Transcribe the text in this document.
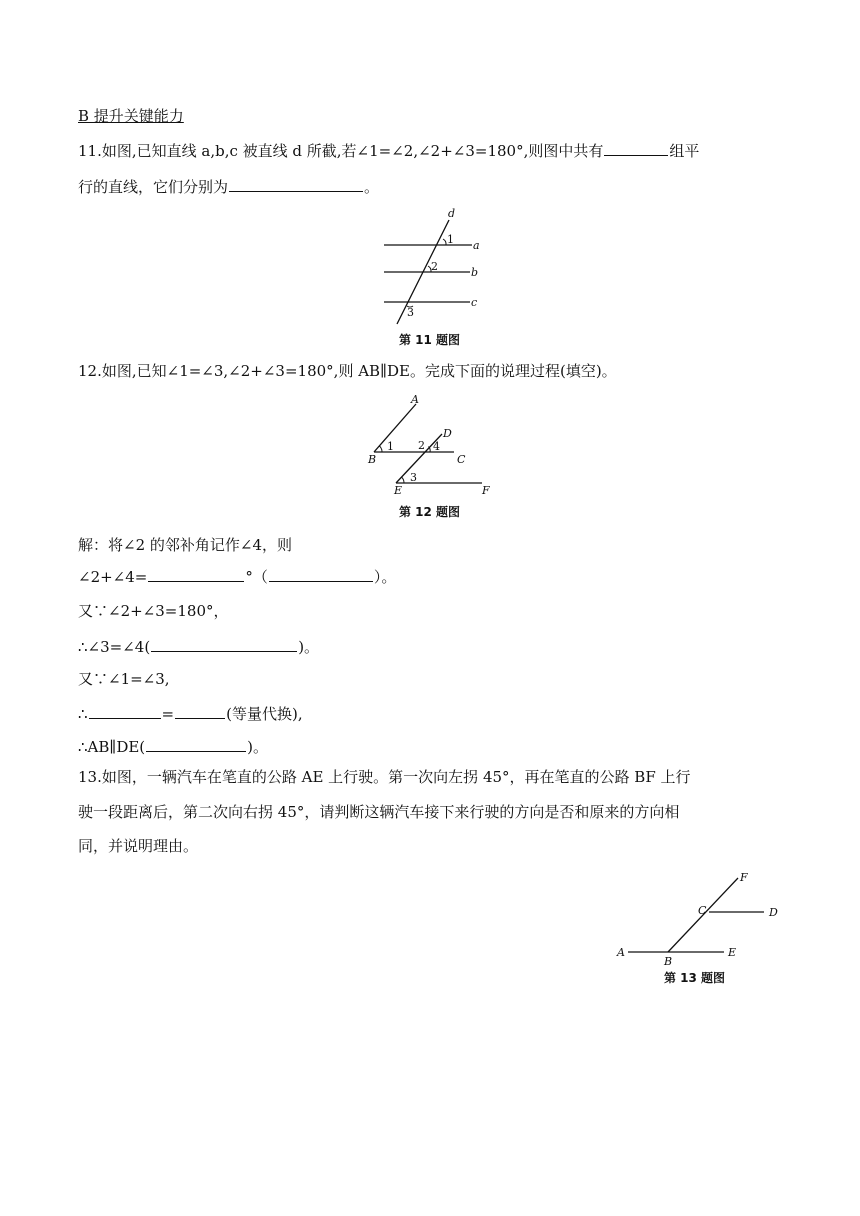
B 提升关键能力
11.如图,已知直线 a,b,c 被直线 d 所截,若∠1=∠2,∠2+∠3=180°,则图中共有	组平
行的直线，它们分别为	。
d
a
b
c
1
2
3
第 11 题图
12.如图,已知∠1=∠3,∠2+∠3=180°,则 AB∥DE。完成下面的说理过程(填空)。
A
B	C
D
E	F
1 2
3
4
第 12 题图
解：将∠2 的邻补角记作∠4，则
∠2+∠4=	°（	）。
又∵∠2+∠3=180°，
∴∠3=∠4(	)。
又∵∠1=∠3,
∴	=	(等量代换),
∴AB∥DE(	)。
13.如图，一辆汽车在笔直的公路 AE 上行驶。第一次向左拐 45°，再在笔直的公路 BF 上行
驶一段距离后，第二次向右拐 45°，请判断这辆汽车接下来行驶的方向是否和原来的方向相
同，并说明理由。
A
B
C	D
E
F
第 13 题图
